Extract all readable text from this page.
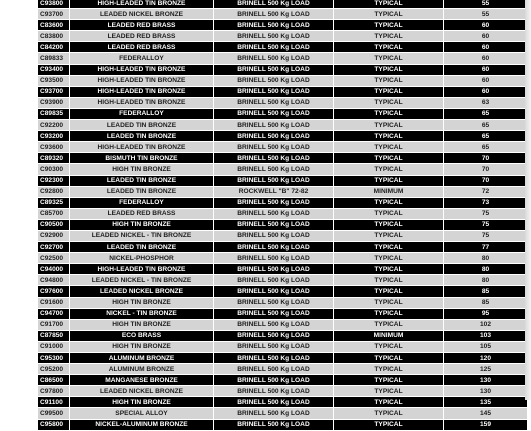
C93800	HIGH-LEADED TIN BRONZE	BRINELL 500 Kg LOAD	TYPICAL	55
C93700	LEADED NICKEL BRONZE	BRINELL 500 Kg LOAD	TYPICAL	55
C83600	LEADED RED BRASS	BRINELL 500 Kg LOAD	TYPICAL	60
C83800	LEADED RED BRASS	BRINELL 500 Kg LOAD	TYPICAL	60
C84200	LEADED RED BRASS	BRINELL 500 Kg LOAD	TYPICAL	60
C89833	FEDERALLOY	BRINELL 500 Kg LOAD	TYPICAL	60
C93400	HIGH-LEADED TIN BRONZE	BRINELL 500 Kg LOAD	TYPICAL	60
C93500	HIGH-LEADED TIN BRONZE	BRINELL 500 Kg LOAD	TYPICAL	60
C93700	HIGH-LEADED TIN BRONZE	BRINELL 500 Kg LOAD	TYPICAL	60
C93900	HIGH-LEADED TIN BRONZE	BRINELL 500 Kg LOAD	TYPICAL	63
C89835	FEDERALLOY	BRINELL 500 Kg LOAD	TYPICAL	65
C92200	LEADED TIN BRONZE	BRINELL 500 Kg LOAD	TYPICAL	65
C93200	LEADED TIN BRONZE	BRINELL 500 Kg LOAD	TYPICAL	65
C93600	HIGH-LEADED TIN BRONZE	BRINELL 500 Kg LOAD	TYPICAL	65
C89320	BISMUTH TIN BRONZE	BRINELL 500 Kg LOAD	TYPICAL	70
C90300	HIGH TIN BRONZE	BRINELL 500 Kg LOAD	TYPICAL	70
C92300	LEADED TIN BRONZE	BRINELL 500 Kg LOAD	TYPICAL	70
C92800	LEADED TIN BRONZE	ROCKWELL "B" 72-82	MINIMUM	72
C89325	FEDERALLOY	BRINELL 500 Kg LOAD	TYPICAL	73
C85700	LEADED RED BRASS	BRINELL 500 Kg LOAD	TYPICAL	75
C90500	HIGH TIN BRONZE	BRINELL 500 Kg LOAD	TYPICAL	75
C92900	LEADED NICKEL - TIN BRONZE	BRINELL 500 Kg LOAD	TYPICAL	75
C92700	LEADED TIN BRONZE	BRINELL 500 Kg LOAD	TYPICAL	77
C92500	NICKEL-PHOSPHOR	BRINELL 500 Kg LOAD	TYPICAL	80
C94000	HIGH-LEADED TIN BRONZE	BRINELL 500 Kg LOAD	TYPICAL	80
C94800	LEADED NICKEL - TIN BRONZE	BRINELL 500 Kg LOAD	TYPICAL	80
C97600	LEADED NICKEL BRONZE	BRINELL 500 Kg LOAD	TYPICAL	85
C91600	HIGH TIN BRONZE	BRINELL 500 Kg LOAD	TYPICAL	85
C94700	NICKEL - TIN BRONZE	BRINELL 500 Kg LOAD	TYPICAL	95
C91700	HIGH TIN BRONZE	BRINELL 500 Kg LOAD	TYPICAL	102
C87850	ECO BRASS	BRINELL 500 Kg LOAD	MINIMUM	103
C91000	HIGH TIN BRONZE	BRINELL 500 Kg LOAD	TYPICAL	105
C95300	ALUMINUM BRONZE	BRINELL 500 Kg LOAD	TYPICAL	120
C95200	ALUMINUM BRONZE	BRINELL 500 Kg LOAD	TYPICAL	125
C86500	MANGANESE BRONZE	BRINELL 500 Kg LOAD	TYPICAL	130
C97800	LEADED NICKEL BRONZE	BRINELL 500 Kg LOAD	TYPICAL	130
C91100	HIGH TIN BRONZE	BRINELL 500 Kg LOAD	TYPICAL	135
C99500	SPECIAL ALLOY	BRINELL 500 Kg LOAD	TYPICAL	145
C95800	NICKEL-ALUMINUM BRONZE	BRINELL 500 Kg LOAD	TYPICAL	159
